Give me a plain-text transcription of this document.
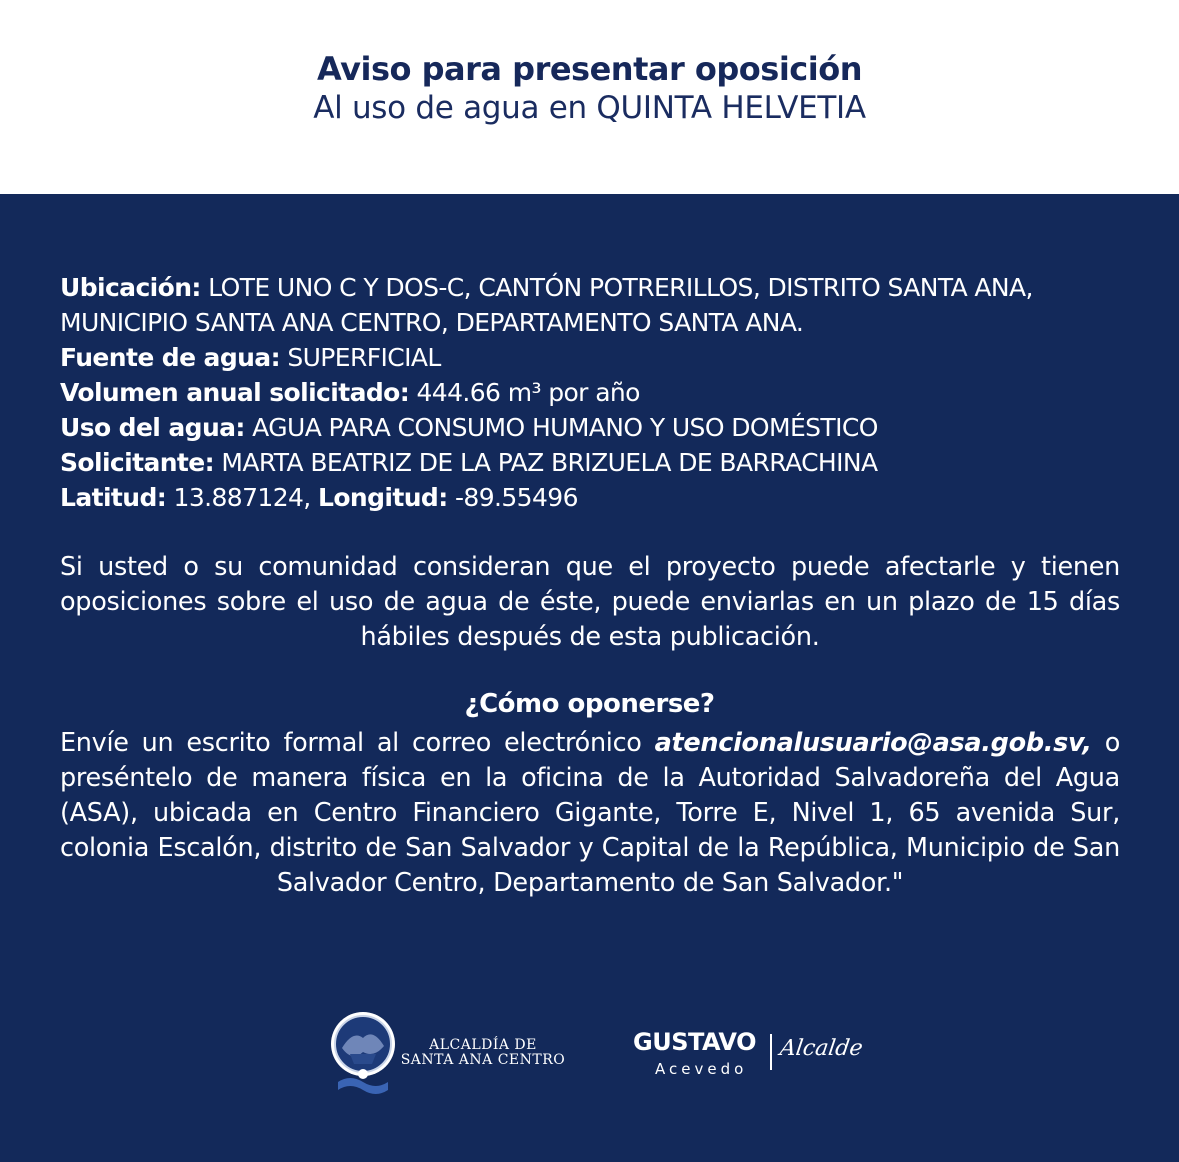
Aviso para presentar oposición
Al uso de agua en QUINTA HELVETIA
Ubicación: LOTE UNO C Y DOS-C, CANTÓN POTRERILLOS, DISTRITO SANTA ANA,
MUNICIPIO SANTA ANA CENTRO, DEPARTAMENTO SANTA ANA.
Fuente de agua: SUPERFICIAL
Volumen anual solicitado: 444.66 m³ por año
Uso del agua: AGUA PARA CONSUMO HUMANO Y USO DOMÉSTICO
Solicitante: MARTA BEATRIZ DE LA PAZ BRIZUELA DE BARRACHINA
Latitud: 13.887124, Longitud: -89.55496
Si usted o su comunidad consideran que el proyecto puede afectarle y tienen oposiciones sobre el uso de agua de éste, puede enviarlas en un plazo de 15 días hábiles después de esta publicación.
¿Cómo oponerse?
Envíe un escrito formal al correo electrónico atencionalusuario@asa.gob.sv, o preséntelo de manera física en la oficina de la Autoridad Salvadoreña del Agua (ASA), ubicada en Centro Financiero Gigante, Torre E, Nivel 1, 65 avenida Sur, colonia Escalón, distrito de San Salvador y Capital de la República, Municipio de San Salvador Centro, Departamento de San Salvador."
ALCALDÍA DE
SANTA ANA CENTRO
GUSTAVO
Acevedo
Alcalde
